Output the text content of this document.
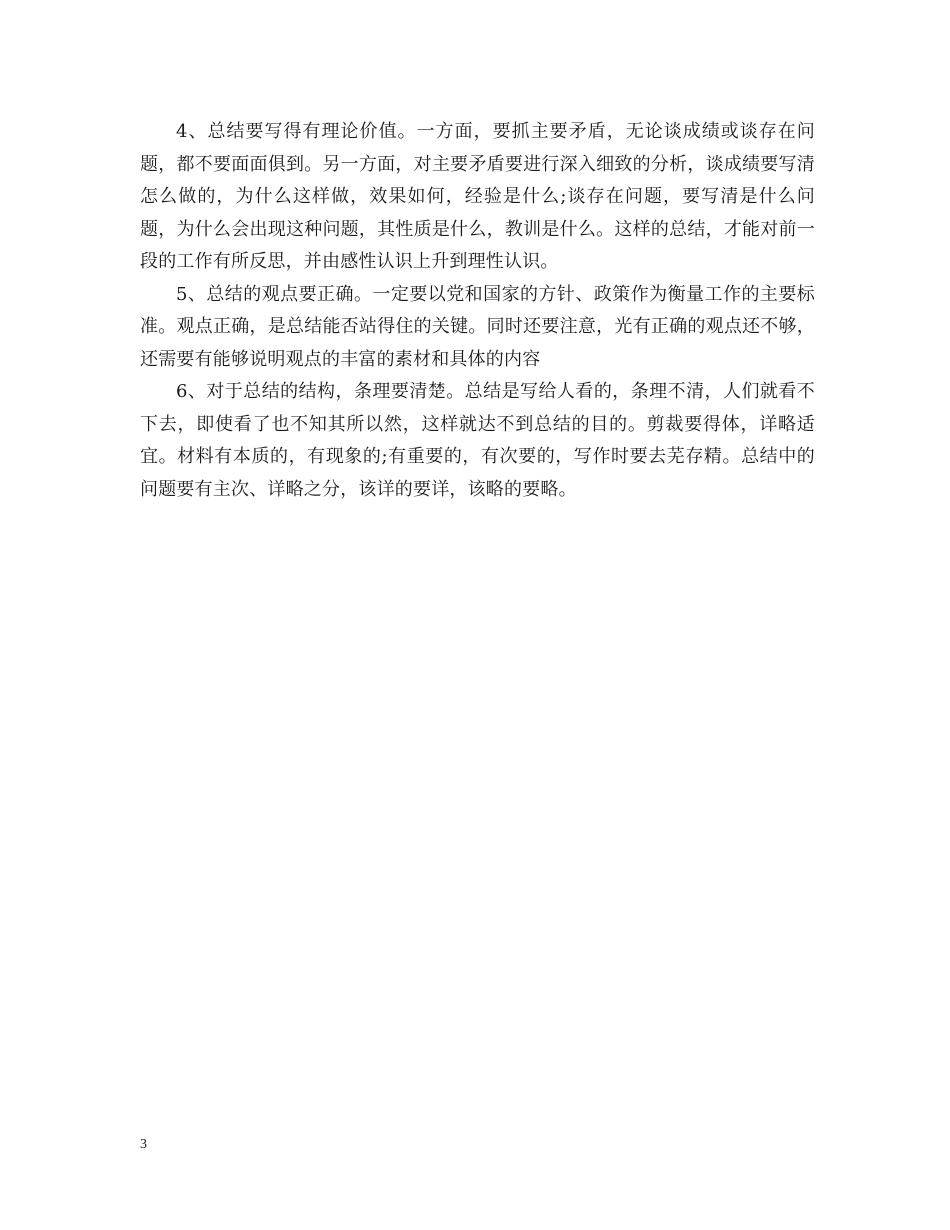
4、总结要写得有理论价值。一方面，要抓主要矛盾，无论谈成绩或谈存在问题，都不要面面俱到。另一方面，对主要矛盾要进行深入细致的分析，谈成绩要写清怎么做的，为什么这样做，效果如何，经验是什么;谈存在问题，要写清是什么问题，为什么会出现这种问题，其性质是什么，教训是什么。这样的总结，才能对前一段的工作有所反思，并由感性认识上升到理性认识。

5、总结的观点要正确。一定要以党和国家的方针、政策作为衡量工作的主要标准。观点正确，是总结能否站得住的关键。同时还要注意，光有正确的观点还不够，还需要有能够说明观点的丰富的素材和具体的内容

6、对于总结的结构，条理要清楚。总结是写给人看的，条理不清，人们就看不下去，即使看了也不知其所以然，这样就达不到总结的目的。剪裁要得体，详略适宜。材料有本质的，有现象的;有重要的，有次要的，写作时要去芜存精。总结中的问题要有主次、详略之分，该详的要详，该略的要略。

3
